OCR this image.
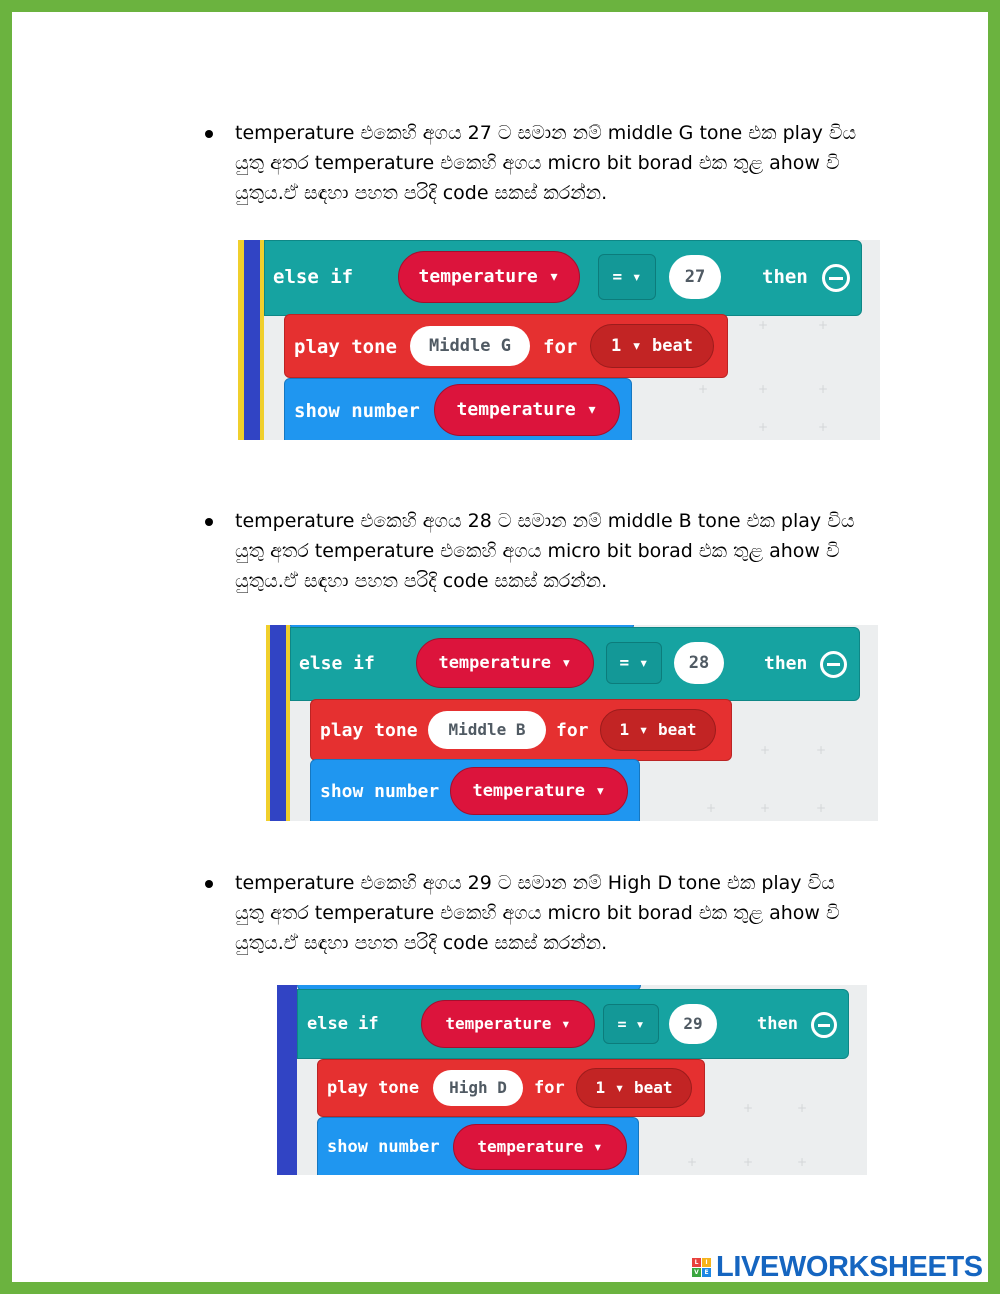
temperature එකෙහි අගය 27 ට සමාන නම් middle G tone එක play විය යුතු අතර temperature එකෙහි අගය micro bit borad එක තුළ ahow වි යුතුය.ඒ සඳහා පහත පරිදි code සකස් කරන්න.
+	+
+	+	+
+	+
else if	temperature ▾	= ▾	27	then
play tone	Middle G	for	1 ▾ beat
show number	temperature ▾
temperature එකෙහි අගය 28 ට සමාන නම් middle B tone එක play විය යුතු අතර temperature එකෙහි අගය micro bit borad එක තුළ ahow වි යුතුය.ඒ සඳහා පහත පරිදි code සකස් කරන්න.
+	+
+	+	+
else if	temperature ▾	= ▾	28	then
play tone	Middle B	for	1 ▾ beat
show number	temperature ▾
temperature එකෙහි අගය 29 ට සමාන නම් High D tone එක play විය යුතු අතර temperature එකෙහි අගය micro bit borad එක තුළ ahow වි යුතුය.ඒ සඳහා පහත පරිදි code සකස් කරන්න.
+	+
+	+	+
else if	temperature ▾	= ▾	29	then
play tone	High D	for	1 ▾ beat
show number	temperature ▾
L	I
V E LIVEWORKSHEETS
